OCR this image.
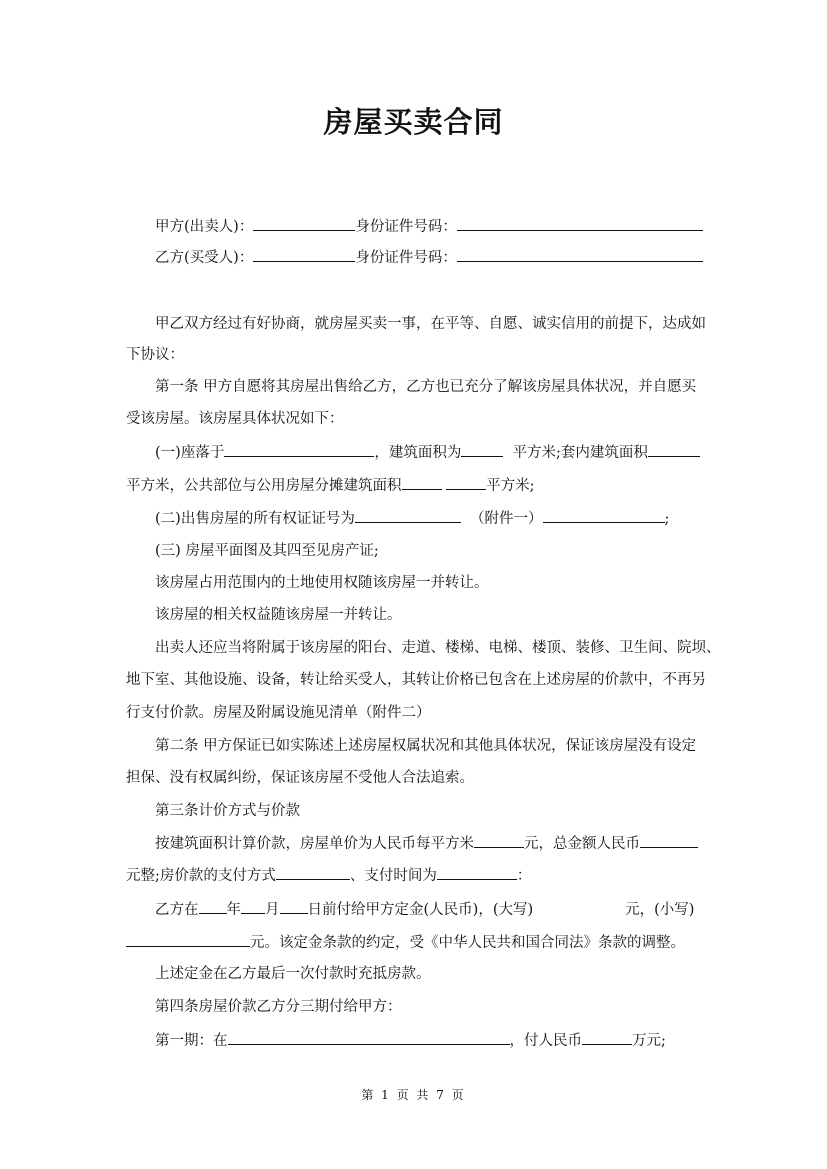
房屋买卖合同
甲方(出卖人)：	身份证件号码：
乙方(买受人)：	身份证件号码：
甲乙双方经过有好协商，就房屋买卖一事，在平等、自愿、诚实信用的前提下，达成如
下协议：
第一条 甲方自愿将其房屋出售给乙方，乙方也已充分了解该房屋具体状况，并自愿买
受该房屋。该房屋具体状况如下：
(一)座落于	，建筑面积为	平方米;套内建筑面积
平方米，公共部位与公用房屋分摊建筑面积	平方米;
(二)出售房屋的所有权证证号为	（附件一）	;
(三) 房屋平面图及其四至见房产证;
该房屋占用范围内的土地使用权随该房屋一并转让。
该房屋的相关权益随该房屋一并转让。
出卖人还应当将附属于该房屋的阳台、走道、楼梯、电梯、楼顶、装修、卫生间、院坝、
地下室、其他设施、设备，转让给买受人，其转让价格已包含在上述房屋的价款中，不再另
行支付价款。房屋及附属设施见清单（附件二）
第二条 甲方保证已如实陈述上述房屋权属状况和其他具体状况，保证该房屋没有设定
担保、没有权属纠纷，保证该房屋不受他人合法追索。
第三条计价方式与价款
按建筑面积计算价款，房屋单价为人民币每平方米	元，总金额人民币
元整;房价款的支付方式	、支付时间为	：
乙方在 年 月 日前付给甲方定金(人民币)，(大写)	元，(小写)
元。该定金条款的约定，受《中华人民共和国合同法》条款的调整。
上述定金在乙方最后一次付款时充抵房款。
第四条房屋价款乙方分三期付给甲方：
第一期：在	，付人民币	万元;
第 1 页 共 7 页
